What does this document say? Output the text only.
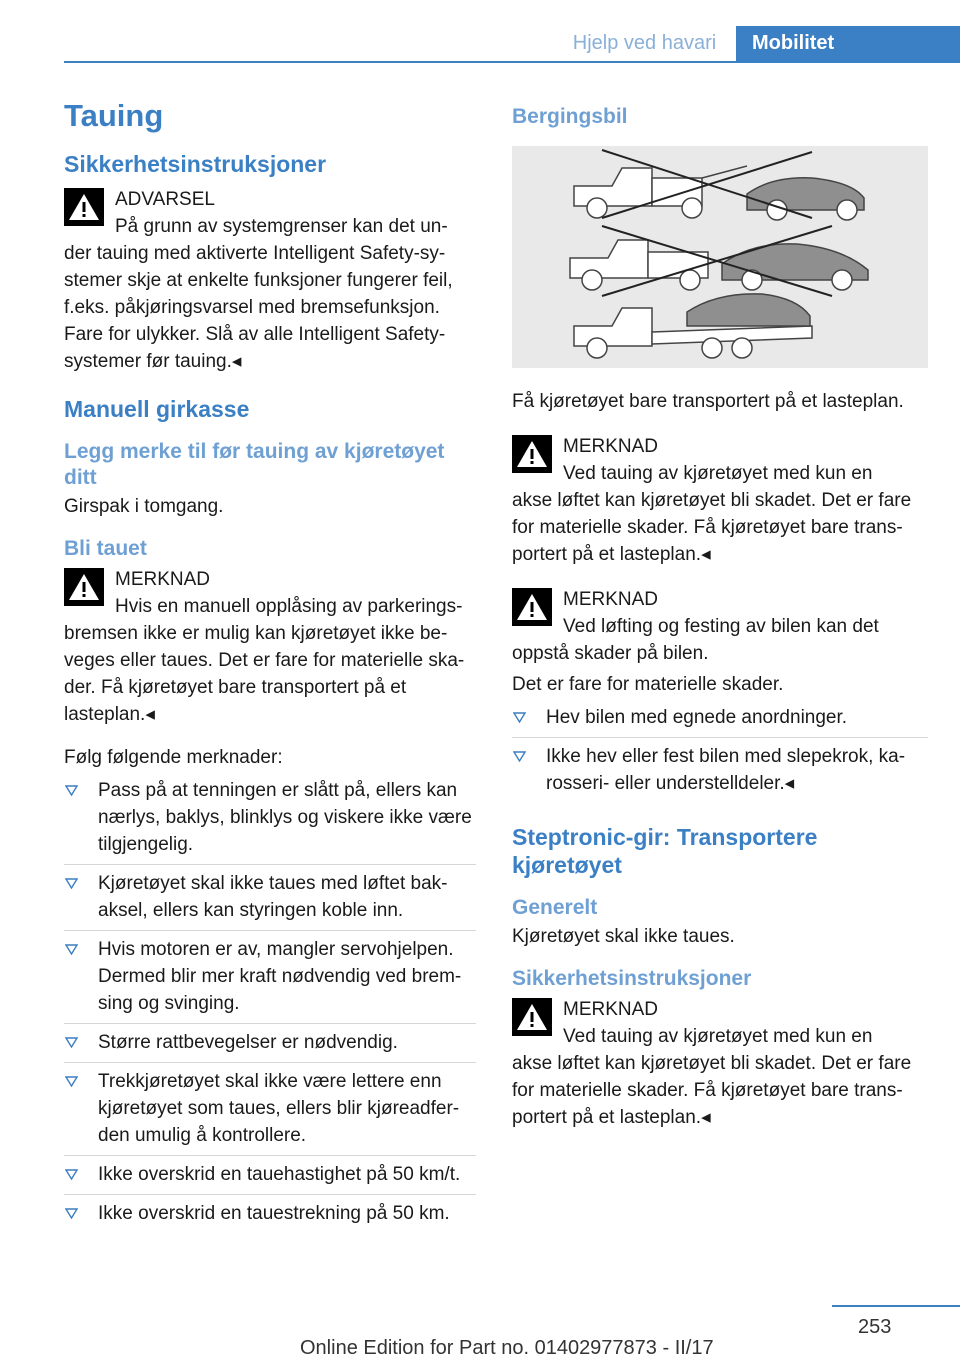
Hjelp ved havari	Mobilitet
Tauing
Sikkerhetsinstruksjoner
ADVARSEL
På grunn av systemgrenser kan det un-

der tauing med aktiverte Intelligent Safety-sy-stemer skje at enkelte funksjoner fungerer feil, f.eks. påkjøringsvarsel med bremsefunksjon. Fare for ulykker. Slå av alle Intelligent Safety-systemer før tauing.◂

Manuell girkasse
Legg merke til før tauing av kjøretøyet ditt

Girspak i tomgang.

Bli tauet
MERKNAD
Hvis en manuell opplåsing av parkerings-

bremsen ikke er mulig kan kjøretøyet ikke be-veges eller taues. Det er fare for materielle ska-der. Få kjøretøyet bare transportert på et lasteplan.◂

Følg følgende merknader:

Pass på at tenningen er slått på, ellers kan nærlys, baklys, blinklys og viskere ikke være tilgjengelig.
Kjøretøyet skal ikke taues med løftet bak-aksel, ellers kan styringen koble inn.
Hvis motoren er av, mangler servohjelpen. Dermed blir mer kraft nødvendig ved brem-sing og svinging.
Større rattbevegelser er nødvendig.
Trekkjøretøyet skal ikke være lettere enn kjøretøyet som taues, ellers blir kjøreadfer-den umulig å kontrollere.
Ikke overskrid en tauehastighet på 50 km/t.
Ikke overskrid en tauestrekning på 50 km.
Bergingsbil

Få kjøretøyet bare transportert på et lasteplan.

MERKNAD
Ved tauing av kjøretøyet med kun en

akse løftet kan kjøretøyet bli skadet. Det er fare for materielle skader. Få kjøretøyet bare trans-portert på et lasteplan.◂

MERKNAD
Ved løfting og festing av bilen kan det

oppstå skader på bilen.

Det er fare for materielle skader.

Hev bilen med egnede anordninger.
Ikke hev eller fest bilen med slepekrok, ka-rosseri- eller understelldeler.◂
Steptronic-gir: Transportere kjøretøyet
Generelt

Kjøretøyet skal ikke taues.

Sikkerhetsinstruksjoner
MERKNAD
Ved tauing av kjøretøyet med kun en

akse løftet kan kjøretøyet bli skadet. Det er fare for materielle skader. Få kjøretøyet bare trans-portert på et lasteplan.◂

253
Online Edition for Part no. 01402977873 - II/17
